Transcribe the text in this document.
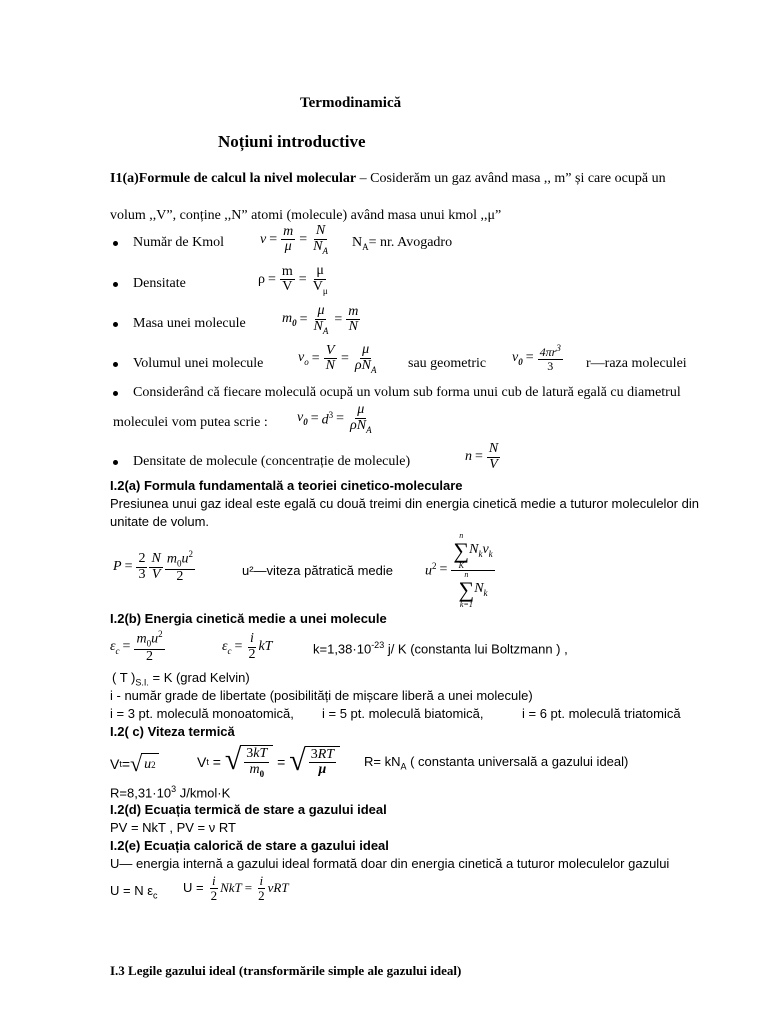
Termodinamică
Noțiuni introductive
I1(a)Formule de calcul la nivel molecular – Cosiderăm un gaz având masa ,, m” și care ocupă un
volum ,,V”, conține ,,N” atomi (molecule) având masa unui kmol ,,μ”
Număr de Kmol	$\nu = \frac{m}{\mu} = \frac{N}{N_A} N_A=$ nr. Avogadro
Densitate	$\rho = \frac{m}{V} = \frac{\mu}{V_\mu}$
Masa unei molecule	$m_0 = \frac{\mu}{N_A} = \frac{m}{N}$
Volumul unei molecule $\nu_o = \frac{V}{N} = \frac{\mu}{\rho N_A}$ sau geometric $\nu_0 = \frac{4\pi r^3}{3}$ r—raza moleculei
Considerând că fiecare moleculă ocupă un volum sub forma unui cub de latură egală cu diametrul
moleculei vom putea scrie : $\nu_0 = d^3 = \frac{\mu}{\rho N_A}$
Densitate de molecule (concentrație de molecule)	$n = \frac{N}{V}$
I.2(a) Formula fundamentală a teoriei cinetico-moleculare
Presiunea unui gaz ideal este egală cu două treimi din energia cinetică medie a tuturor moleculelor din
unitate de volum.
$P = \frac{2}{3} \frac{N}{V} \frac{m_0u^2}{2}$	u²—viteza pătratică medie $u^2 = n$
∑
K
$N_k\nu_k$
n
∑
k=1
$N_k$
I.2(b) Energia cinetică medie a unei molecule
$\varepsilon_c = \frac{m_0u^2}{2}$	$\varepsilon_c = \frac{i}{2}$ kT	$k=1,38\cdot 10^{-23}$ j/ K (constanta lui Boltzmann ) ,
( T )$_{S.I.} = K$ (grad Kelvin)
i - număr grade de libertate (posibilități de mișcare liberă a unei molecule)
i = 3 pt. moleculă monoatomică, i = 5 pt. moleculă biatomică,	i = 6 pt. moleculă triatomică
I.2( c) Viteza termică
V t = √ u 2	V t = √ $\frac{3kT}{m_0}$ = √ $\frac{3RT}{\mu} R= kN_A$ ( constanta universală a gazului ideal)
$R=8,31\cdot 10^3$ J/kmol·K
I.2(d) Ecuația termică de stare a gazului ideal
PV = NkT , PV = ν RT
I.2(e) Ecuația calorică de stare a gazului ideal
U— energia internă a gazului ideal formată doar din energia cinetică a tuturor moleculelor gazului
U = N $\varepsilon_c$
$U = \frac{i}{2}$ NkT = $\frac{i}{2}$ νRT
I.3 Legile gazului ideal (transformările simple ale gazului ideal)
